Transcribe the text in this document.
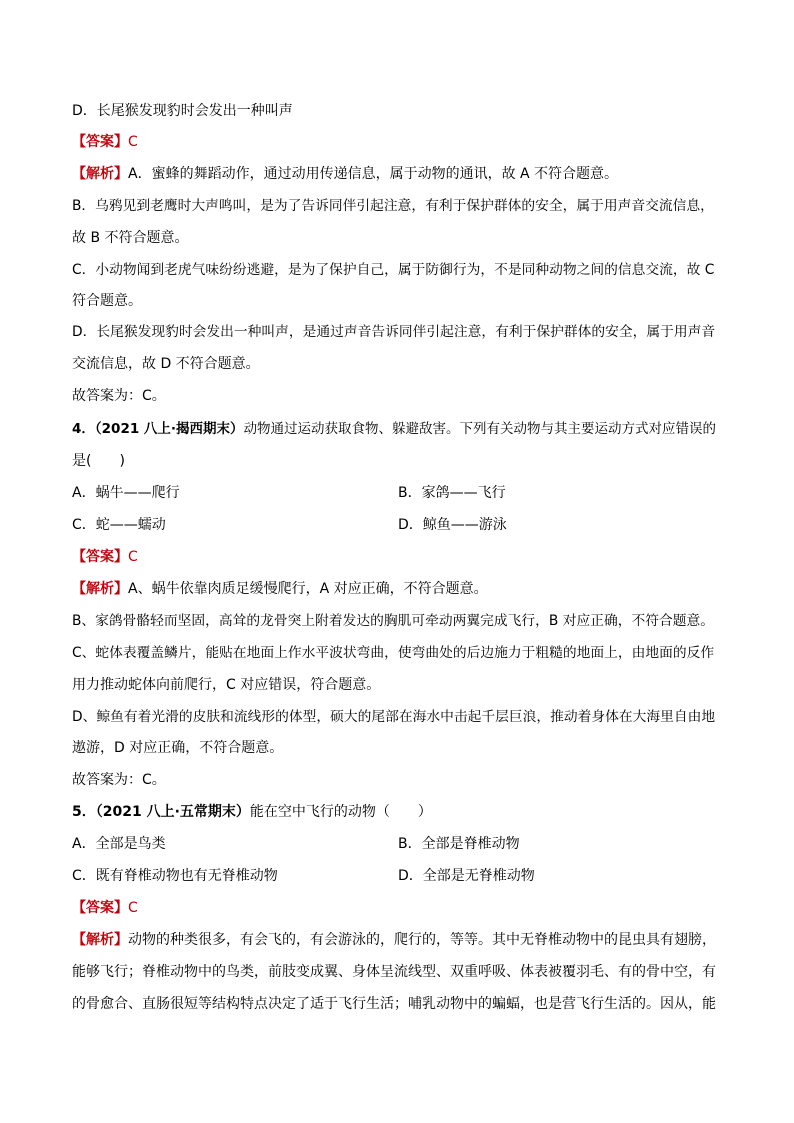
D．长尾猴发现豹时会发出一种叫声
【答案】C
【解析】A．蜜蜂的舞蹈动作，通过动用传递信息，属于动物的通讯，故 A 不符合题意。
B．乌鸦见到老鹰时大声鸣叫，是为了告诉同伴引起注意，有利于保护群体的安全，属于用声音交流信息，
故 B 不符合题意。
C．小动物闻到老虎气味纷纷逃避，是为了保护自己，属于防御行为，不是同种动物之间的信息交流，故 C
符合题意。
D．长尾猴发现豹时会发出一种叫声，是通过声音告诉同伴引起注意，有利于保护群体的安全，属于用声音
交流信息，故 D 不符合题意。
故答案为：C。
4．（2021 八上·揭西期末）动物通过运动获取食物、躲避敌害。下列有关动物与其主要运动方式对应错误的
是(　　)
A．蜗牛——爬行	B．家鸽——飞行
C．蛇——蠕动	D．鲸鱼——游泳
【答案】C
【解析】A、蜗牛依靠肉质足缓慢爬行，A 对应正确，不符合题意。
B、家鸽骨骼轻而坚固，高耸的龙骨突上附着发达的胸肌可牵动两翼完成飞行，B 对应正确，不符合题意。
C、蛇体表覆盖鳞片，能贴在地面上作水平波状弯曲，使弯曲处的后边施力于粗糙的地面上，由地面的反作
用力推动蛇体向前爬行，C 对应错误，符合题意。
D、鲸鱼有着光滑的皮肤和流线形的体型，硕大的尾部在海水中击起千层巨浪，推动着身体在大海里自由地
遨游，D 对应正确，不符合题意。
故答案为：C。
5．（2021 八上·五常期末）能在空中飞行的动物（　　）
A．全部是鸟类	B．全部是脊椎动物
C．既有脊椎动物也有无脊椎动物	D．全部是无脊椎动物
【答案】C
【解析】动物的种类很多，有会飞的，有会游泳的，爬行的，等等。其中无脊椎动物中的昆虫具有翅膀，
能够飞行；脊椎动物中的鸟类，前肢变成翼、身体呈流线型、双重呼吸、体表被覆羽毛、有的骨中空，有
的骨愈合、直肠很短等结构特点决定了适于飞行生活；哺乳动物中的蝙蝠，也是营飞行生活的。因从，能
